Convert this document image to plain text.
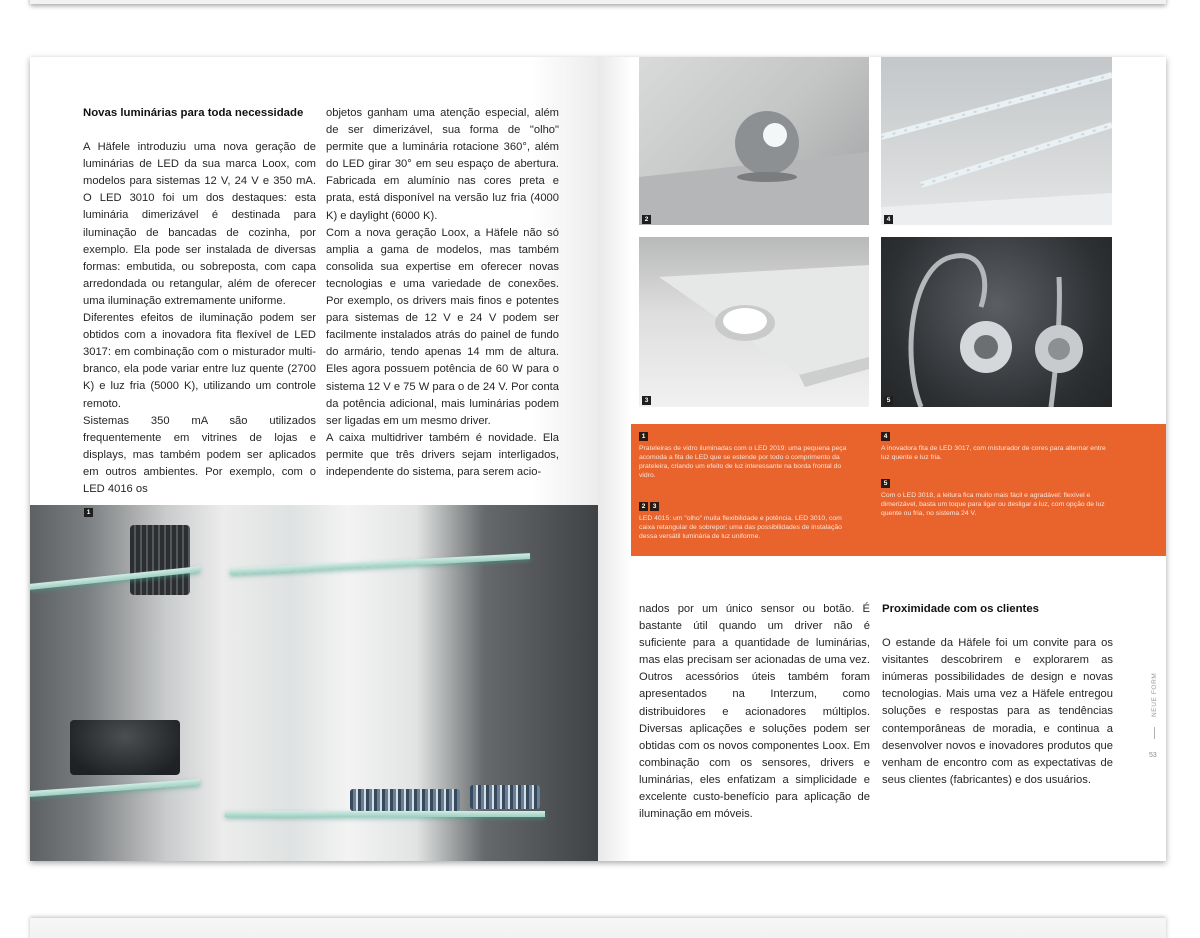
Novas luminárias para toda necessidade

A Häfele introduziu uma nova geração de luminárias de LED da sua marca Loox, com modelos para sistemas 12 V, 24 V e 350 mA. O LED 3010 foi um dos destaques: esta luminária dimerizável é destinada para iluminação de bancadas de cozinha, por exemplo. Ela pode ser instalada de diversas formas: embutida, ou sobreposta, com capa arredondada ou retangular, além de oferecer uma iluminação extremamente uniforme.

Diferentes efeitos de iluminação podem ser obtidos com a inovadora fita flexível de LED 3017: em combinação com o misturador multi-branco, ela pode variar entre luz quente (2700 K) e luz fria (5000 K), utilizando um controle remoto.

Sistemas 350 mA são utilizados frequentemente em vitrines de lojas e displays, mas também podem ser aplicados em outros ambientes. Por exemplo, com o LED 4016 os

objetos ganham uma atenção especial, além de ser dimerizável, sua forma de "olho" permite que a luminária rotacione 360°, além do LED girar 30° em seu espaço de abertura. Fabricada em alumínio nas cores preta e prata, está disponível na versão luz fria (4000 K) e daylight (6000 K).

Com a nova geração Loox, a Häfele não só amplia a gama de modelos, mas também consolida sua expertise em oferecer novas tecnologias e uma variedade de conexões. Por exemplo, os drivers mais finos e potentes para sistemas de 12 V e 24 V podem ser facilmente instalados atrás do painel de fundo do armário, tendo apenas 14 mm de altura. Eles agora possuem potência de 60 W para o sistema 12 V e 75 W para o de 24 V. Por conta da potência adicional, mais luminárias podem ser ligadas em um mesmo driver.

A caixa multidriver também é novidade. Ela permite que três drivers sejam interligados, independente do sistema, para serem acio-

1
2	4
3	5
1
Prateleiras de vidro iluminadas com o LED 2019: uma pequena peça acomoda a fita de LED que se estende por todo o comprimento da prateleira, criando um efeito de luz interessante na borda frontal do vidro.
2 3
LED 4015: um "olho" muita flexibilidade e potência. LED 3010, com caixa retangular de sobrepor: uma das possibilidades de instalação dessa versátil luminária de luz uniforme.
4
A inovadora fita de LED 3017, com misturador de cores para alternar entre luz quente e luz fria.
5
Com o LED 3018, a leitura fica muito mais fácil e agradável: flexível e dimerizável, basta um toque para ligar ou desligar a luz, com opção de luz quente ou fria, no sistema 24 V.

nados por um único sensor ou botão. É bastante útil quando um driver não é suficiente para a quantidade de luminárias, mas elas precisam ser acionadas de uma vez. Outros acessórios úteis também foram apresentados na Interzum, como distribuidores e acionadores múltiplos. Diversas aplicações e soluções podem ser obtidas com os novos componentes Loox. Em combinação com os sensores, drivers e luminárias, eles enfatizam a simplicidade e excelente custo-benefício para aplicação de iluminação em móveis.

Proximidade com os clientes

O estande da Häfele foi um convite para os visitantes descobrirem e explorarem as inúmeras possibilidades de design e novas tecnologias. Mais uma vez a Häfele entregou soluções e respostas para as tendências contemporâneas de moradia, e continua a desenvolver novos e inovadores produtos que venham de encontro com as expectativas de seus clientes (fabricantes) e dos usuários.

NEUE FORM
53
